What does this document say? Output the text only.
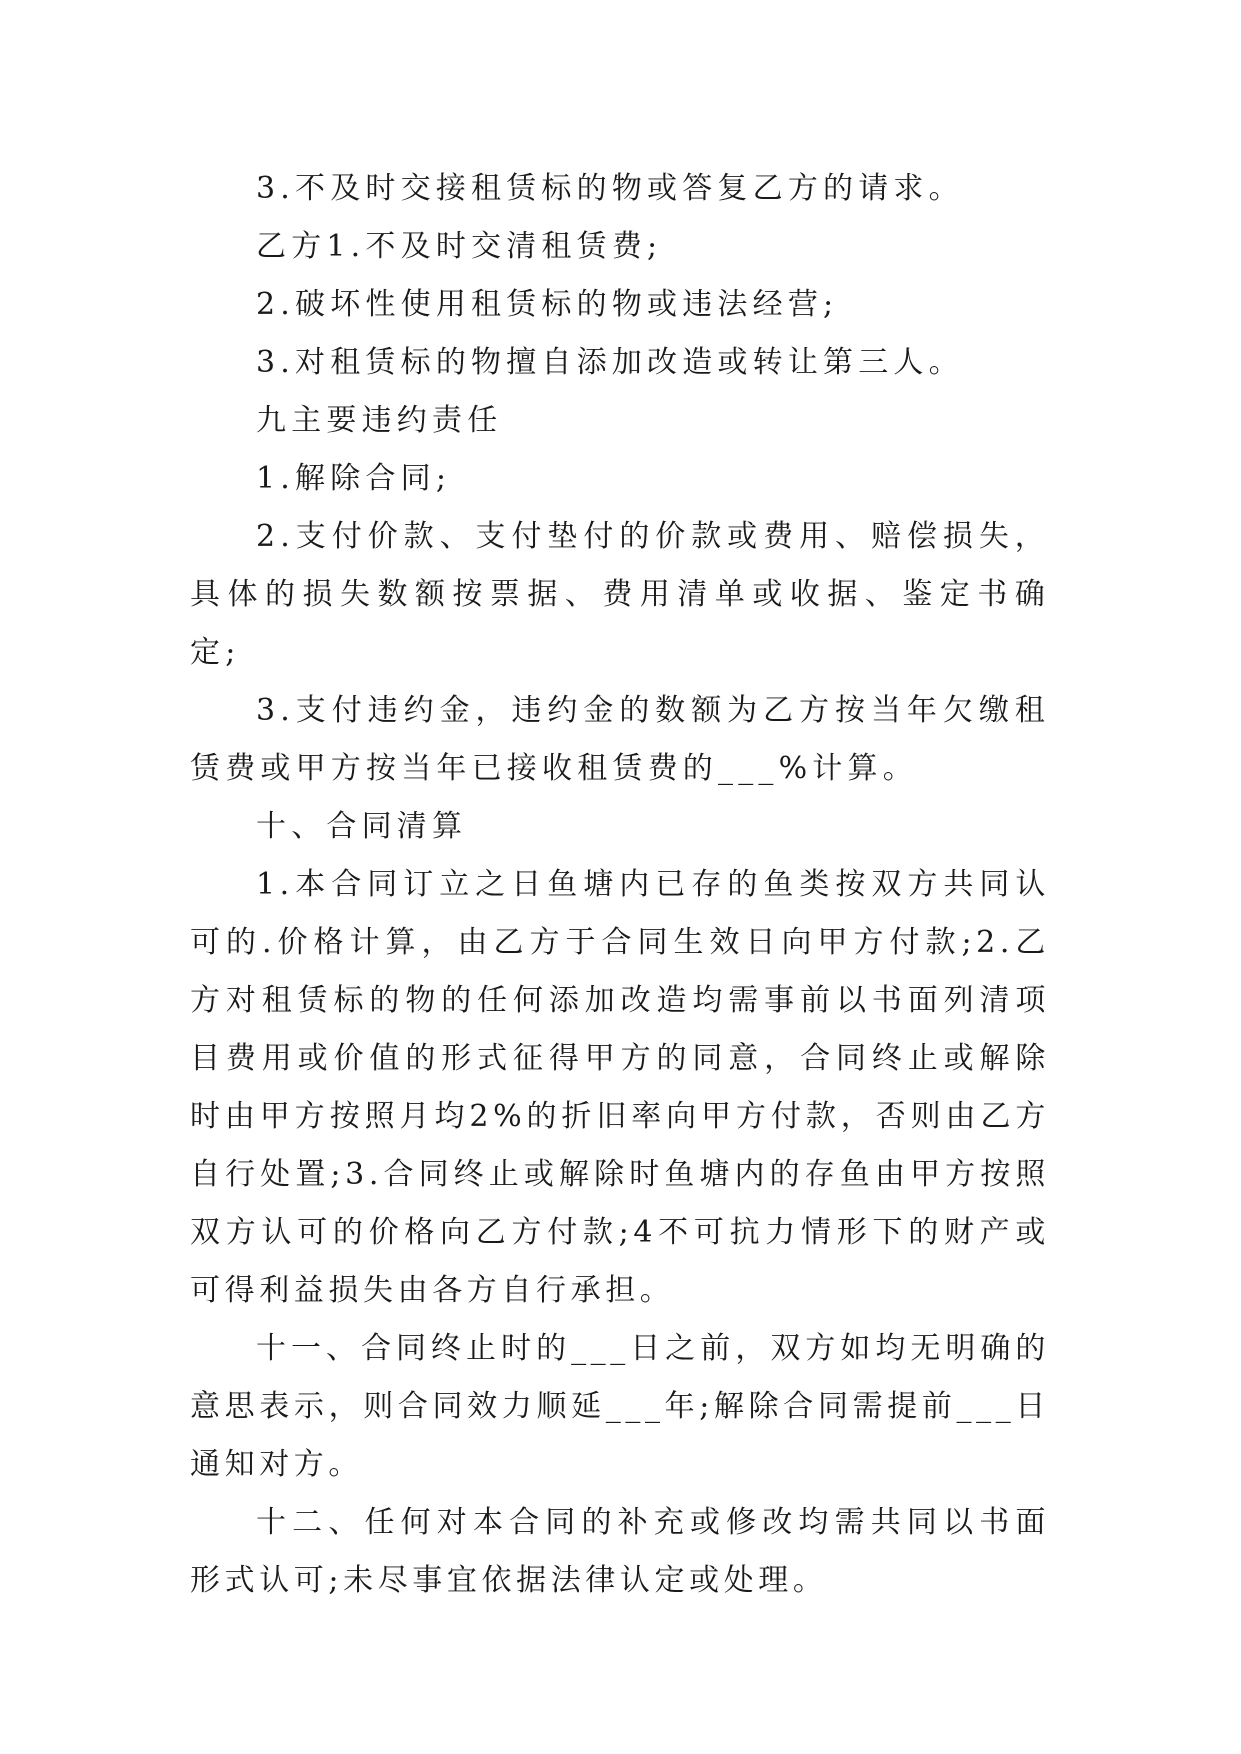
3.不及时交接租赁标的物或答复乙方的请求。

乙方1.不及时交清租赁费;

2.破坏性使用租赁标的物或违法经营;

3.对租赁标的物擅自添加改造或转让第三人。

九主要违约责任

1.解除合同;

2.支付价款、支付垫付的价款或费用、赔偿损失，具体的损失数额按票据、费用清单或收据、鉴定书确定;

3.支付违约金，违约金的数额为乙方按当年欠缴租赁费或甲方按当年已接收租赁费的___%计算。

十、合同清算

1.本合同订立之日鱼塘内已存的鱼类按双方共同认可的.价格计算，由乙方于合同生效日向甲方付款;2.乙方对租赁标的物的任何添加改造均需事前以书面列清项目费用或价值的形式征得甲方的同意，合同终止或解除时由甲方按照月均2%的折旧率向甲方付款，否则由乙方自行处置;3.合同终止或解除时鱼塘内的存鱼由甲方按照双方认可的价格向乙方付款;4不可抗力情形下的财产或可得利益损失由各方自行承担。

十一、合同终止时的___日之前，双方如均无明确的意思表示，则合同效力顺延___年;解除合同需提前___日通知对方。

十二、任何对本合同的补充或修改均需共同以书面形式认可;未尽事宜依据法律认定或处理。
